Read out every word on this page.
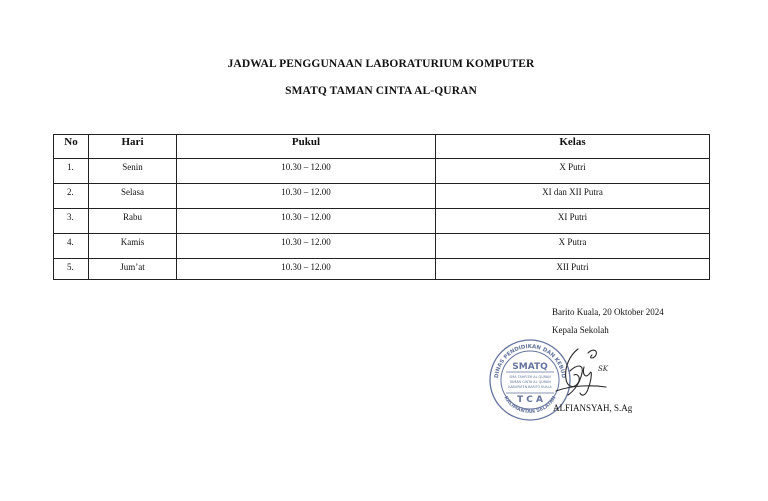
JADWAL PENGGUNAAN LABORATURIUM KOMPUTER
SMATQ TAMAN CINTA AL-QURAN
No	Hari	Pukul	Kelas
1.	Senin	10.30 – 12.00	X Putri
2.	Selasa	10.30 – 12.00	XI dan XII Putra
3.	Rabu	10.30 – 12.00	XI Putri
4.	Kamis	10.30 – 12.00	X Putra
5.	Jum’at	10.30 – 12.00	XII Putri
Barito Kuala, 20 Oktober 2024
Kepala Sekolah
DINAS PENDIDIKAN DAN KEBUD
KALIMANTAN SELATAN
SMATQ
SMA TAHFIZH AL QURAN
TAMAN CINTA AL QURAN
KABUPATEN BARITO KUALA
T C A
SK
ALFIANSYAH, S.Ag
